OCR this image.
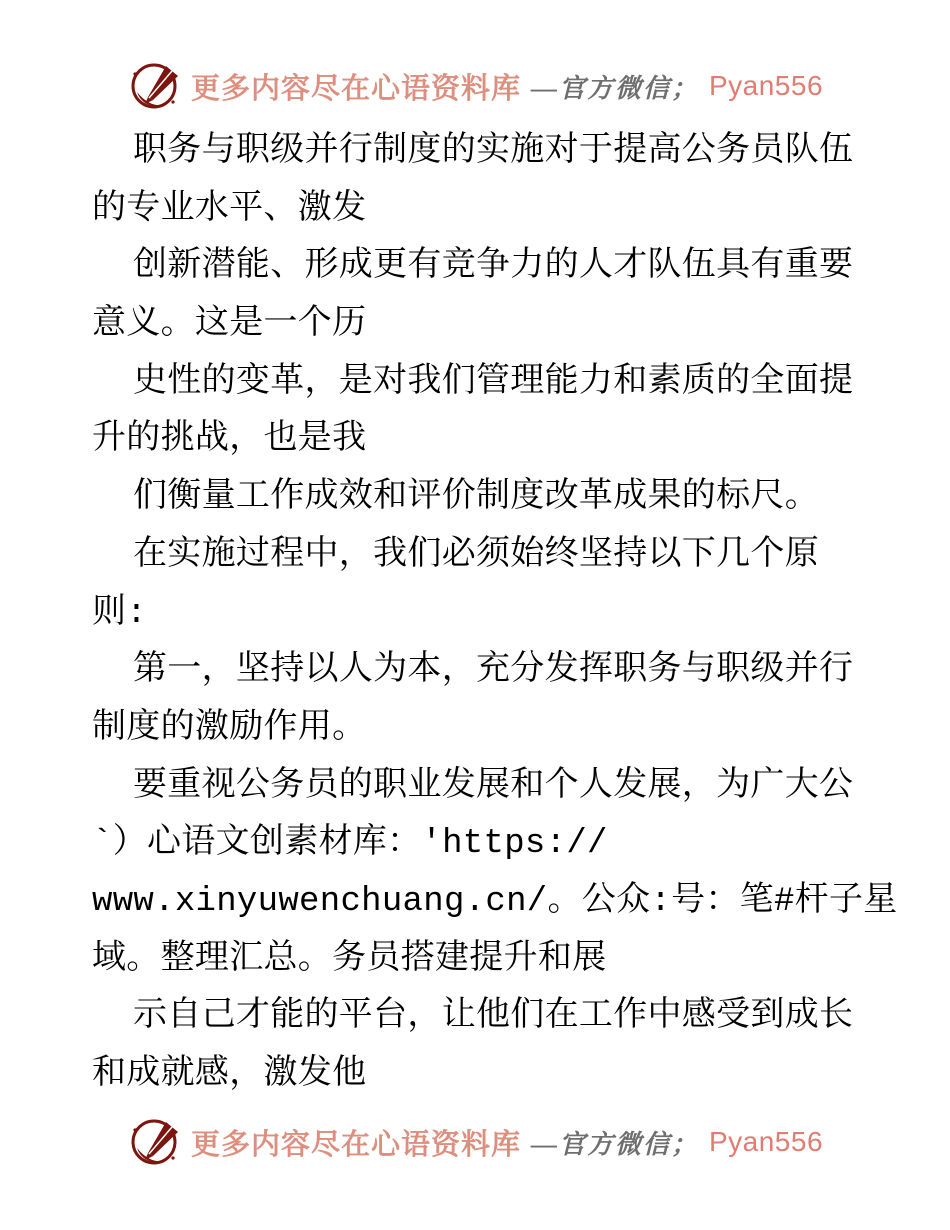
更多内容尽在心语资料库 —官方微信； Pyan556
职务与职级并行制度的实施对于提高公务员队伍
的专业水平、激发
创新潜能、形成更有竞争力的人才队伍具有重要
意义。这是一个历
史性的变革，是对我们管理能力和素质的全面提
升的挑战，也是我
们衡量工作成效和评价制度改革成果的标尺。
在实施过程中，我们必须始终坚持以下几个原
则:
第一，坚持以人为本，充分发挥职务与职级并行
制度的激励作用。
要重视公务员的职业发展和个人发展，为广大公
`）心语文创素材库：'https://
www.xinyuwenchuang.cn/。公众:号：笔#杆子星
域。整理汇总。务员搭建提升和展
示自己才能的平台，让他们在工作中感受到成长
和成就感，激发他
更多内容尽在心语资料库 —官方微信； Pyan556
